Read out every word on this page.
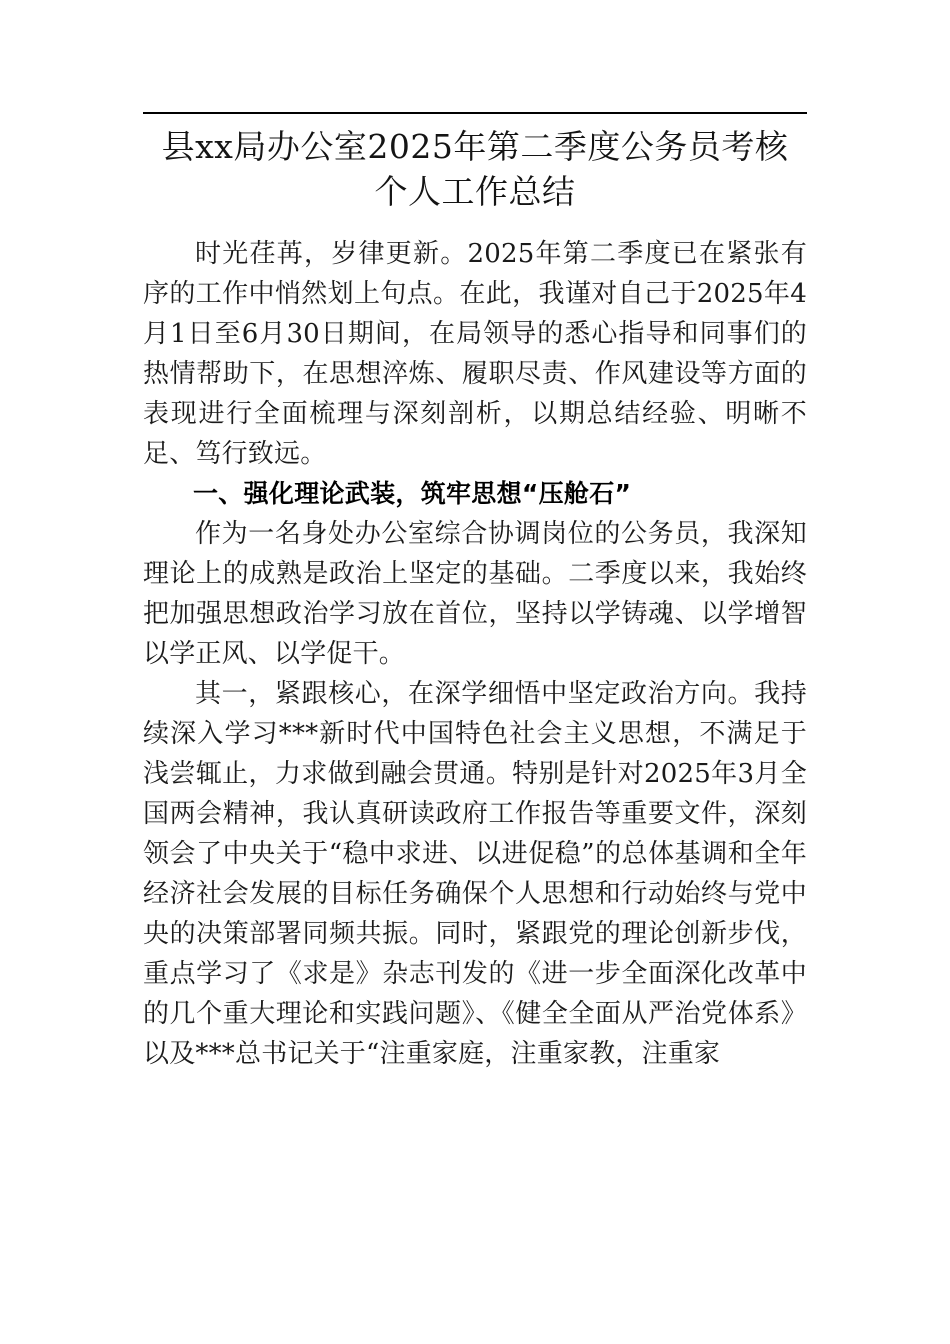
县xx局办公室2025年第二季度公务员考核
个人工作总结

时光荏苒，岁律更新。2025年第二季度已在紧张有序的工作中悄然划上句点。在此，我谨对自己于2025年4月1日至6月30日期间，在局领导的悉心指导和同事们的热情帮助下，在思想淬炼、履职尽责、作风建设等方面的表现进行全面梳理与深刻剖析，以期总结经验、明晰不足、笃行致远。

一、强化理论武装，筑牢思想“压舱石”

作为一名身处办公室综合协调岗位的公务员，我深知理论上的成熟是政治上坚定的基础。二季度以来，我始终把加强思想政治学习放在首位，坚持以学铸魂、以学增智以学正风、以学促干。

其一，紧跟核心，在深学细悟中坚定政治方向。我持续深入学习***新时代中国特色社会主义思想，不满足于浅尝辄止，力求做到融会贯通。特别是针对2025年3月全国两会精神，我认真研读政府工作报告等重要文件，深刻领会了中央关于“稳中求进、以进促稳”的总体基调和全年经济社会发展的目标任务确保个人思想和行动始终与党中央的决策部署同频共振。同时，紧跟党的理论创新步伐，重点学习了《求是》杂志刊发的《进一步全面深化改革中的几个重大理论和实践问题》、《健全全面从严治党体系》以及***总书记关于“注重家庭，注重家教，注重家
